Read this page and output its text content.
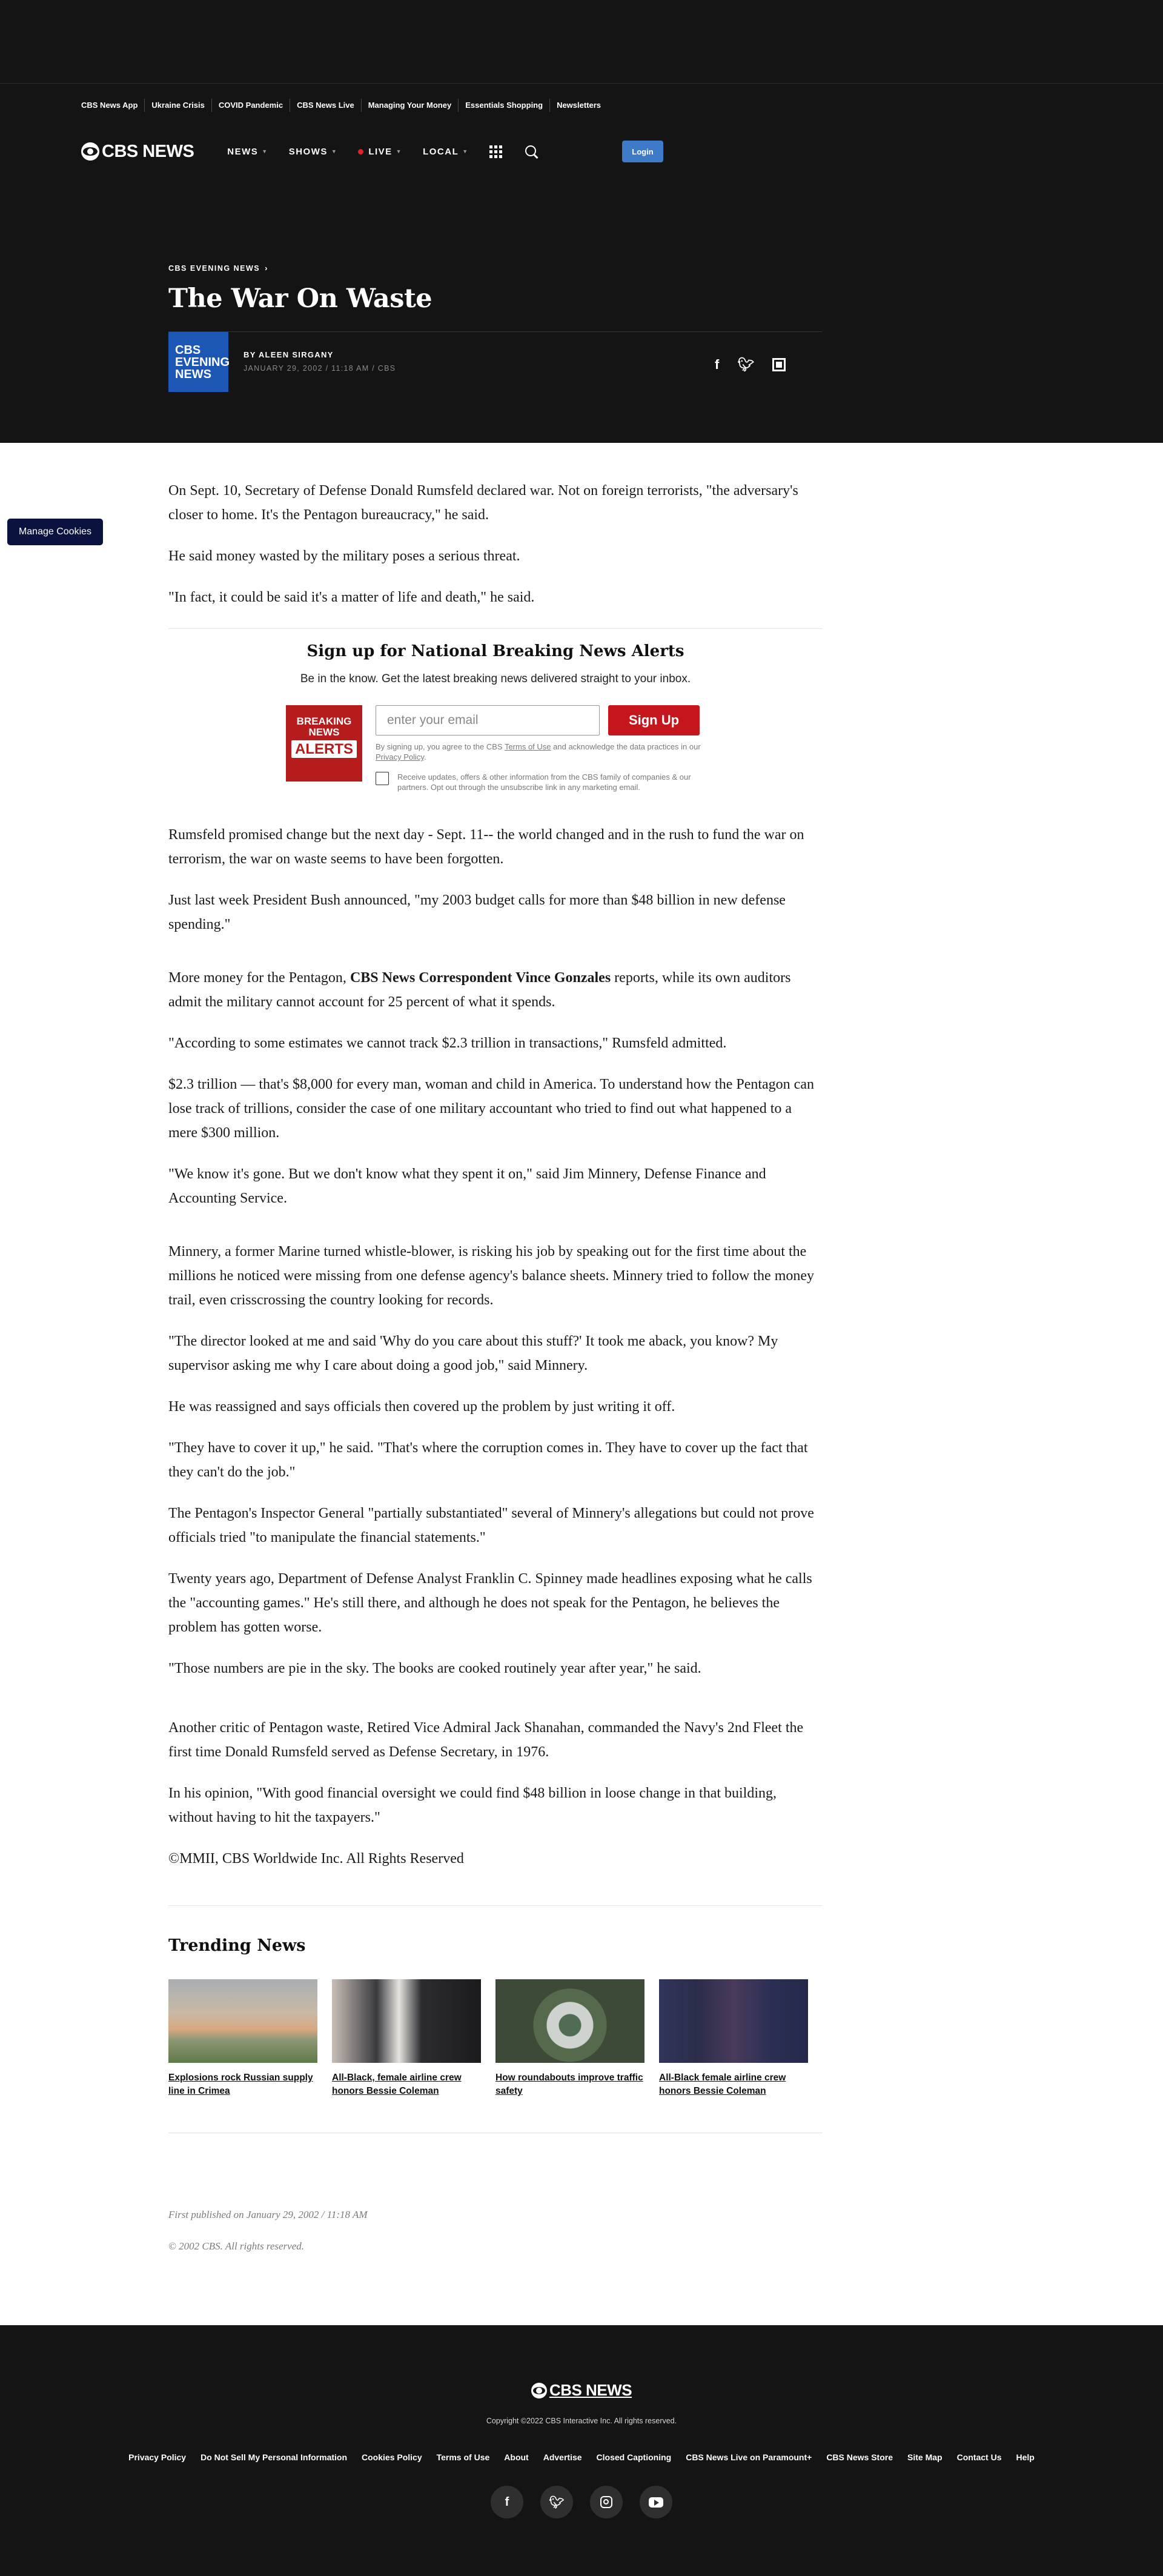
CBS News App	Ukraine Crisis	COVID Pandemic	CBS News Live	Managing Your Money	Essentials Shopping	Newsletters
CBS NEWS	NEWS ▼ SHOWS ▼	LIVE ▼ LOCAL ▼	Login
CBS EVENING NEWS ›
The War On Waste
CBS
EVENING
NEWS
BY ALEEN SIRGANY
JANUARY 29, 2002 / 11:18 AM / CBS	f 🐦︎
Manage Cookies

On Sept. 10, Secretary of Defense Donald Rumsfeld declared war. Not on foreign terrorists, "the adversary's closer to home. It's the Pentagon bureaucracy," he said.

He said money wasted by the military poses a serious threat.

"In fact, it could be said it's a matter of life and death," he said.

Rumsfeld promised change but the next day - Sept. 11-- the world changed and in the rush to fund the war on terrorism, the war on waste seems to have been forgotten.

Just last week President Bush announced, "my 2003 budget calls for more than $48 billion in new defense spending."

More money for the Pentagon, CBS News Correspondent Vince Gonzales reports, while its own auditors admit the military cannot account for 25 percent of what it spends.

"According to some estimates we cannot track $2.3 trillion in transactions," Rumsfeld admitted.

$2.3 trillion — that's $8,000 for every man, woman and child in America. To understand how the Pentagon can lose track of trillions, consider the case of one military accountant who tried to find out what happened to a mere $300 million.

"We know it's gone. But we don't know what they spent it on," said Jim Minnery, Defense Finance and Accounting Service.

Minnery, a former Marine turned whistle-blower, is risking his job by speaking out for the first time about the millions he noticed were missing from one defense agency's balance sheets. Minnery tried to follow the money trail, even crisscrossing the country looking for records.

"The director looked at me and said 'Why do you care about this stuff?' It took me aback, you know? My supervisor asking me why I care about doing a good job," said Minnery.

He was reassigned and says officials then covered up the problem by just writing it off.

"They have to cover it up," he said. "That's where the corruption comes in. They have to cover up the fact that they can't do the job."

The Pentagon's Inspector General "partially substantiated" several of Minnery's allegations but could not prove officials tried "to manipulate the financial statements."

Twenty years ago, Department of Defense Analyst Franklin C. Spinney made headlines exposing what he calls the "accounting games." He's still there, and although he does not speak for the Pentagon, he believes the problem has gotten worse.

"Those numbers are pie in the sky. The books are cooked routinely year after year," he said.

Another critic of Pentagon waste, Retired Vice Admiral Jack Shanahan, commanded the Navy's 2nd Fleet the first time Donald Rumsfeld served as Defense Secretary, in 1976.

In his opinion, "With good financial oversight we could find $48 billion in loose change in that building, without having to hit the taxpayers."

©MMII, CBS Worldwide Inc. All Rights Reserved

Sign up for National Breaking News Alerts
Be in the know. Get the latest breaking news delivered straight to your inbox.
BREAKING
NEWS
ALERTS
enter your email
Sign Up
By signing up, you agree to the CBS Terms of Use and acknowledge the data practices in our Privacy Policy.
Receive updates, offers & other information from the CBS family of companies & our partners. Opt out through the unsubscribe link in any marketing email.
Trending News
Explosions rock Russian supply line in Crimea
All-Black, female airline crew honors Bessie Coleman
How roundabouts improve traffic safety
All-Black female airline crew honors Bessie Coleman
First published on January 29, 2002 / 11:18 AM
© 2002 CBS. All rights reserved.
CBS NEWS
Copyright ©2022 CBS Interactive Inc. All rights reserved.
Privacy Policy Do Not Sell My Personal Information Cookies Policy Terms of Use About Advertise Closed Captioning CBS News Live on Paramount+ CBS News Store Site Map Contact Us Help
f	🐦︎
